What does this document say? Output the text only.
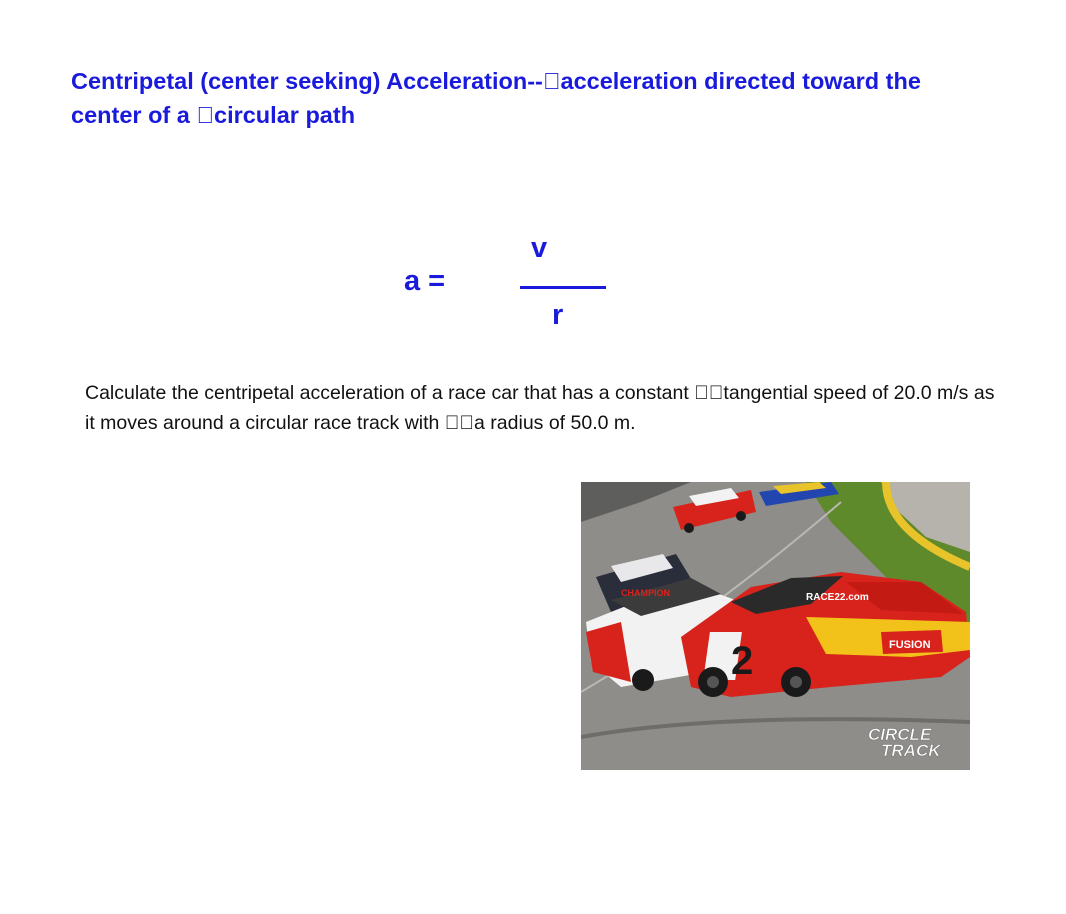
Centripetal (center seeking) Acceleration-- acceleration directed toward the center of a circular path
a =
v
r

Calculate the centripetal acceleration of a race car that has a constant tangential speed of 20.0 m/s as it moves around a circular race track with a radius of 50.0 m.

26
CHAMPION	RACE22.com
FUSION
2
CIRCLE
TRACK
